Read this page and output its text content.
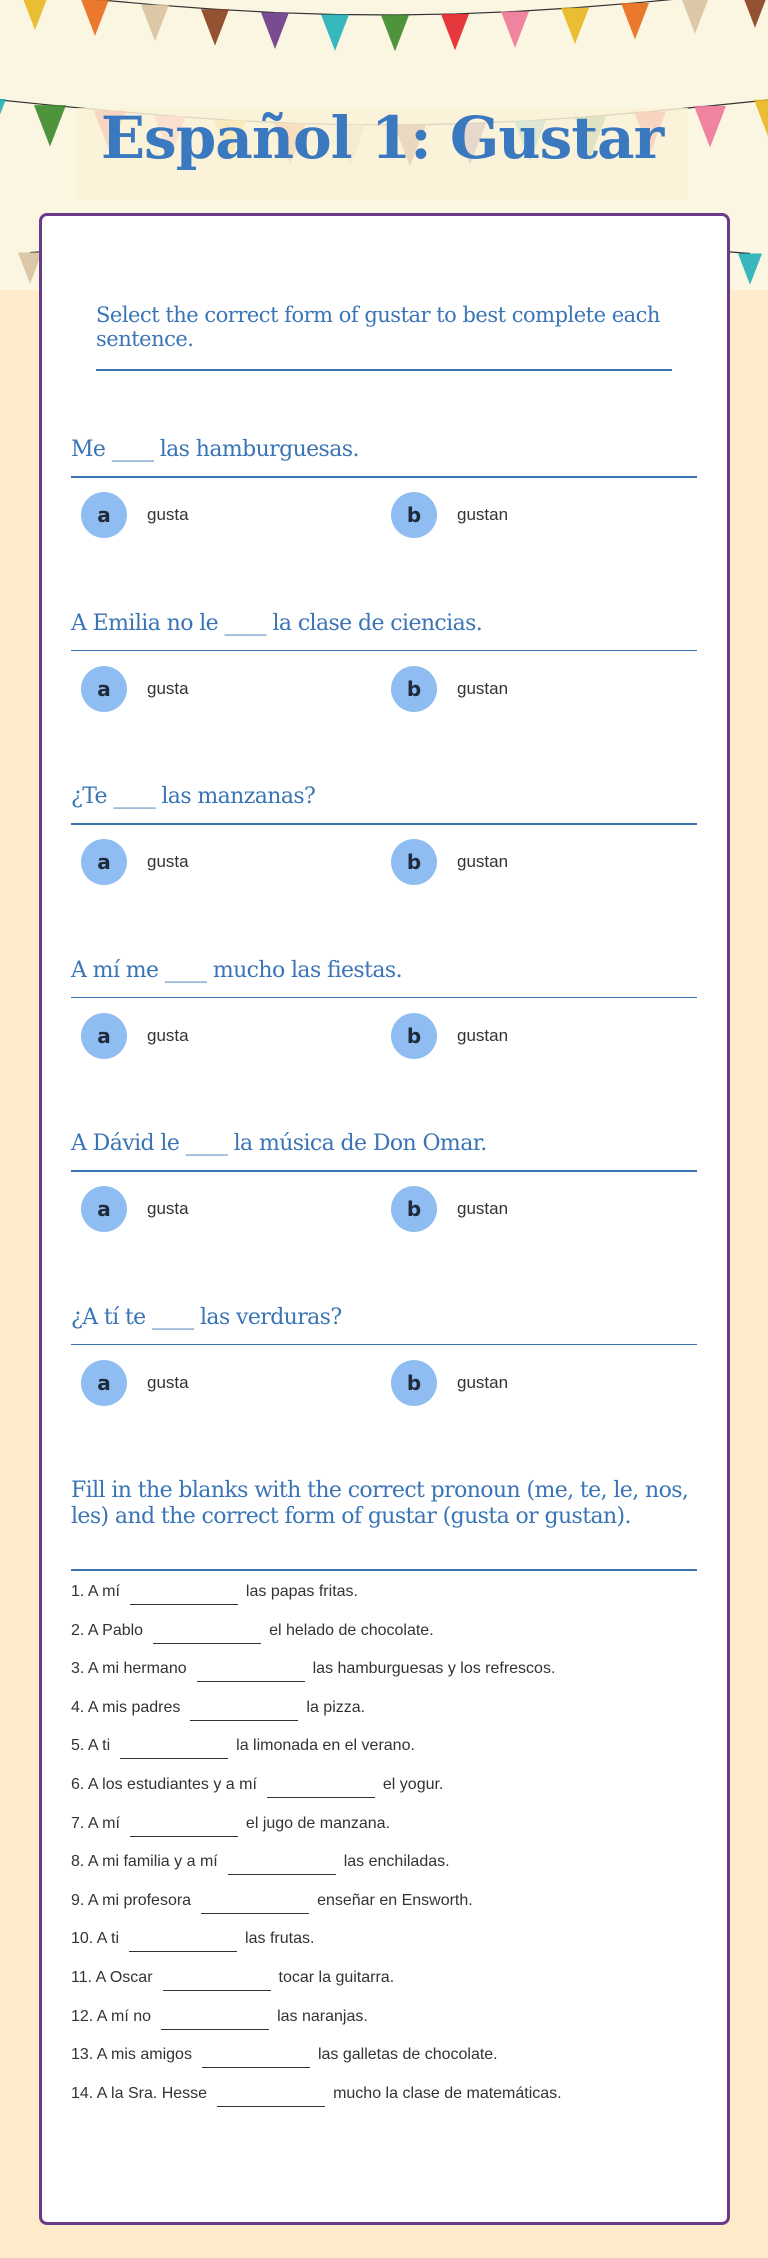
Español 1: Gustar
Select the correct form of gustar to best complete each sentence.
Me ____ las hamburguesas.
a	gusta	b	gustan
A Emilia no le ____ la clase de ciencias.
a	gusta	b	gustan
¿Te ____ las manzanas?
a	gusta	b	gustan
A mí me ____ mucho las fiestas.
a	gusta	b	gustan
A Dávid le ____ la música de Don Omar.
a	gusta	b	gustan
¿A tí te ____ las verduras?
a	gusta	b	gustan
Fill in the blanks with the correct pronoun (me, te, le, nos, les) and the correct form of gustar (gusta or gustan).
1. A mí	las papas fritas.
2. A Pablo	el helado de chocolate.
3. A mi hermano	las hamburguesas y los refrescos.
4. A mis padres	la pizza.
5. A ti	la limonada en el verano.
6. A los estudiantes y a mí	el yogur.
7. A mí	el jugo de manzana.
8. A mi familia y a mí	las enchiladas.
9. A mi profesora	enseñar en Ensworth.
10. A ti	las frutas.
11. A Oscar	tocar la guitarra.
12. A mí no	las naranjas.
13. A mis amigos	las galletas de chocolate.
14. A la Sra. Hesse	mucho la clase de matemáticas.
